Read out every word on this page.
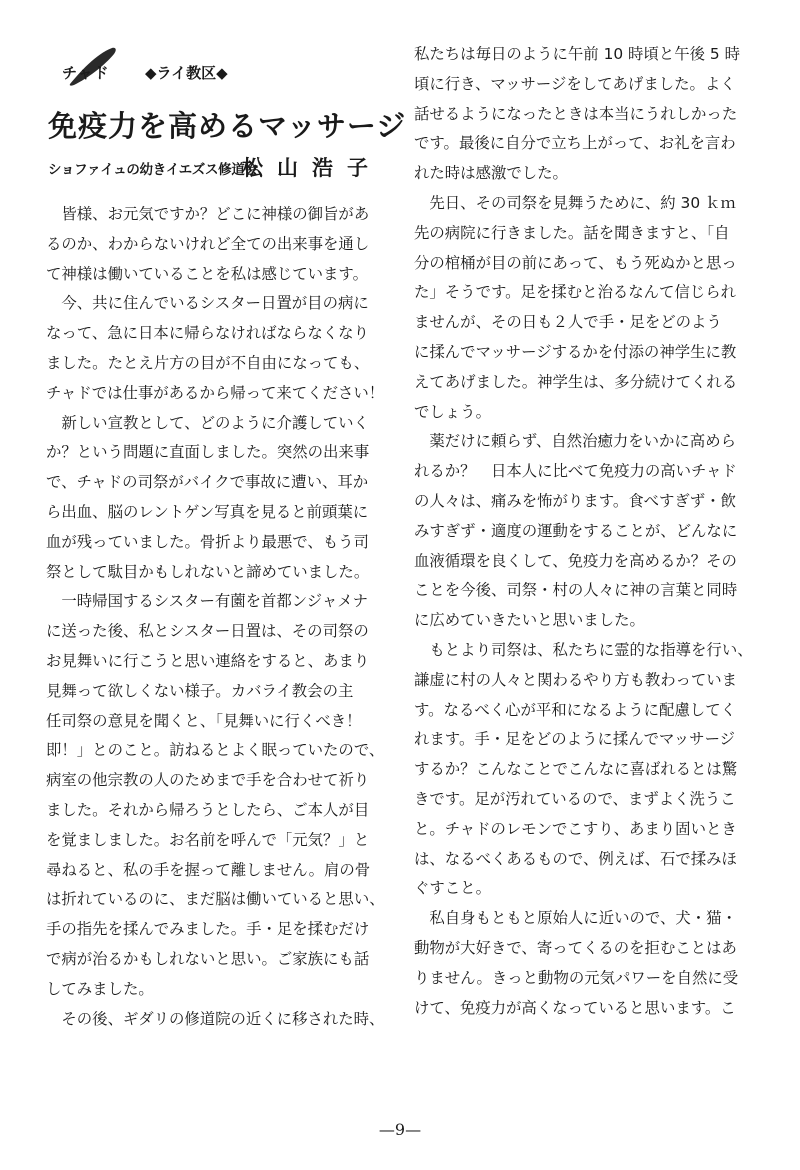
チャド ◆ライ教区◆
免疫力を高めるマッサージ
ショファイュの幼きイエズス修道会
松山浩子
　皆様、お元気ですか？どこに神様の御旨があ
るのか、わからないけれど全ての出来事を通し
て神様は働いていることを私は感じています。
　今、共に住んでいるシスター日置が目の病に
なって、急に日本に帰らなければならなくなり
ました。たとえ片方の目が不自由になっても、
チャドでは仕事があるから帰って来てください！
　新しい宣教として、どのように介護していく
か？という問題に直面しました。突然の出来事
で、チャドの司祭がバイクで事故に遭い、耳か
ら出血、脳のレントゲン写真を見ると前頭葉に
血が残っていました。骨折より最悪で、もう司
祭として駄目かもしれないと諦めていました。
　一時帰国するシスター有薗を首都ンジャメナ
に送った後、私とシスター日置は、その司祭の
お見舞いに行こうと思い連絡をすると、あまり
見舞って欲しくない様子。カバライ教会の主
任司祭の意見を聞くと、「見舞いに行くべき！
即！」とのこと。訪ねるとよく眠っていたので、
病室の他宗教の人のためまで手を合わせて祈り
ました。それから帰ろうとしたら、ご本人が目
を覚ましました。お名前を呼んで「元気？」と
尋ねると、私の手を握って離しません。肩の骨
は折れているのに、まだ脳は働いていると思い、
手の指先を揉んでみました。手・足を揉むだけ
で病が治るかもしれないと思い。ご家族にも話
してみました。
　その後、ギダリの修道院の近くに移された時、
私たちは毎日のように午前 10 時頃と午後 5 時
頃に行き、マッサージをしてあげました。よく
話せるようになったときは本当にうれしかった
です。最後に自分で立ち上がって、お礼を言わ
れた時は感激でした。
　先日、その司祭を見舞うために、約 30 ｋｍ
先の病院に行きました。話を聞きますと、「自
分の棺桶が目の前にあって、もう死ぬかと思っ
た」そうです。足を揉むと治るなんて信じられ
ませんが、その日も２人で手・足をどのよう
に揉んでマッサージするかを付添の神学生に教
えてあげました。神学生は、多分続けてくれる
でしょう。
　薬だけに頼らず、自然治癒力をいかに高めら
れるか？　日本人に比べて免疫力の高いチャド
の人々は、痛みを怖がります。食べすぎず・飲
みすぎず・適度の運動をすることが、どんなに
血液循環を良くして、免疫力を高めるか？その
ことを今後、司祭・村の人々に神の言葉と同時
に広めていきたいと思いました。
　もとより司祭は、私たちに霊的な指導を行い、
謙虚に村の人々と関わるやり方も教わっていま
す。なるべく心が平和になるように配慮してく
れます。手・足をどのように揉んでマッサージ
するか？こんなことでこんなに喜ばれるとは驚
きです。足が汚れているので、まずよく洗うこ
と。チャドのレモンでこすり、あまり固いとき
は、なるべくあるもので、例えば、石で揉みほ
ぐすこと。
　私自身もともと原始人に近いので、犬・猫・
動物が大好きで、寄ってくるのを拒むことはあ
りません。きっと動物の元気パワーを自然に受
けて、免疫力が高くなっていると思います。こ
—9—
